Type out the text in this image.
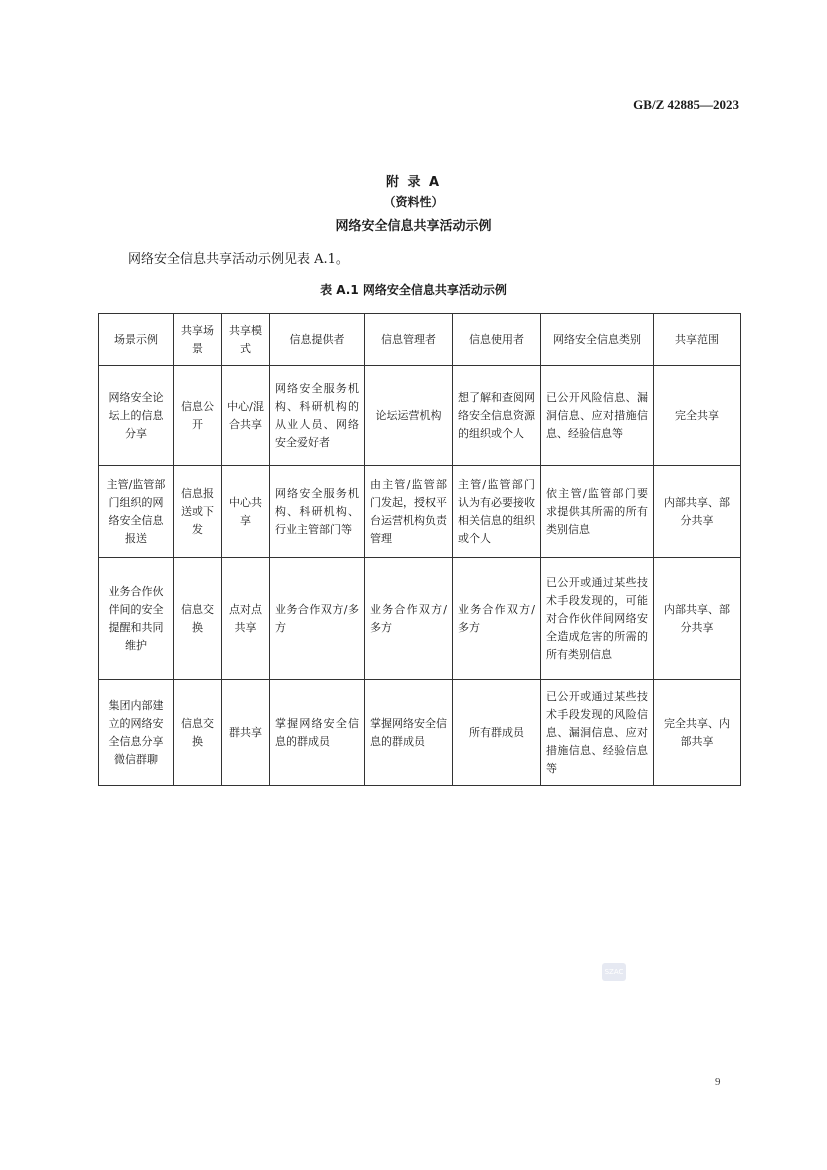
GB/Z 42885—2023
附 录 A
（资料性）
网络安全信息共享活动示例
网络安全信息共享活动示例见表 A.1。
表 A.1 网络安全信息共享活动示例
场景示例	共享场景	共享模式	信息提供者	信息管理者	信息使用者	网络安全信息类别	共享范围
网络安全论坛上的信息分享	信息公开	中心/混合共享	网络安全服务机构、科研机构的从业人员、网络安全爱好者	论坛运营机构	想了解和查阅网络安全信息资源的组织或个人	已公开风险信息、漏洞信息、应对措施信息、经验信息等	完全共享
主管/监管部门组织的网络安全信息报送	信息报送或下发	中心共享	网络安全服务机构、科研机构、行业主管部门等	由主管/监管部门发起，授权平台运营机构负责管理	主管/监管部门认为有必要接收相关信息的组织或个人	依主管/监管部门要求提供其所需的所有类别信息	内部共享、部分共享
业务合作伙伴间的安全提醒和共同维护	信息交换	点对点共享	业务合作双方/多方	业务合作双方/多方	业务合作双方/多方	已公开或通过某些技术手段发现的，可能对合作伙伴间网络安全造成危害的所需的所有类别信息	内部共享、部分共享
集团内部建立的网络安全信息分享微信群聊	信息交换	群共享	掌握网络安全信息的群成员	掌握网络安全信息的群成员	所有群成员	已公开或通过某些技术手段发现的风险信息、漏洞信息、应对措施信息、经验信息等	完全共享、内部共享
SZAC
9
